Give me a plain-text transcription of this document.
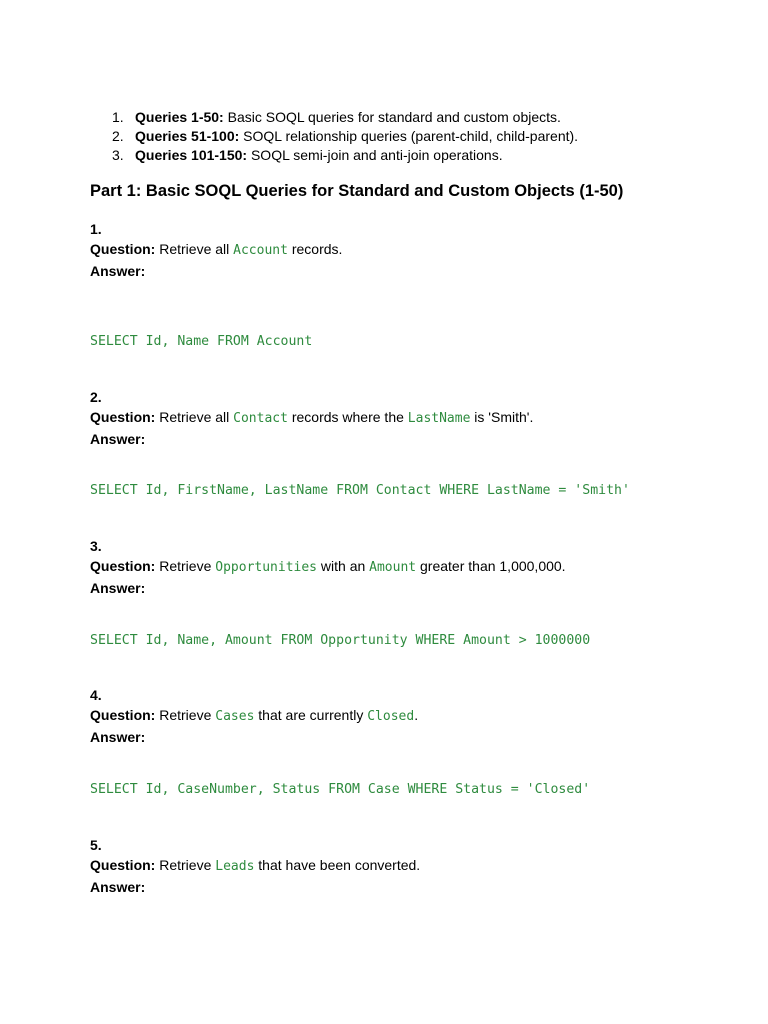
1. Queries 1-50: Basic SOQL queries for standard and custom objects.
2. Queries 51-100: SOQL relationship queries (parent-child, child-parent).
3. Queries 101-150: SOQL semi-join and anti-join operations.
Part 1: Basic SOQL Queries for Standard and Custom Objects (1-50)
1.
Question: Retrieve all Account records.
Answer:
SELECT Id, Name FROM Account
2.
Question: Retrieve all Contact records where the LastName is 'Smith'.
Answer:
SELECT Id, FirstName, LastName FROM Contact WHERE LastName = 'Smith'
3.
Question: Retrieve Opportunities with an Amount greater than 1,000,000.
Answer:
SELECT Id, Name, Amount FROM Opportunity WHERE Amount > 1000000
4.
Question: Retrieve Cases that are currently Closed.
Answer:
SELECT Id, CaseNumber, Status FROM Case WHERE Status = 'Closed'
5.
Question: Retrieve Leads that have been converted.
Answer:
